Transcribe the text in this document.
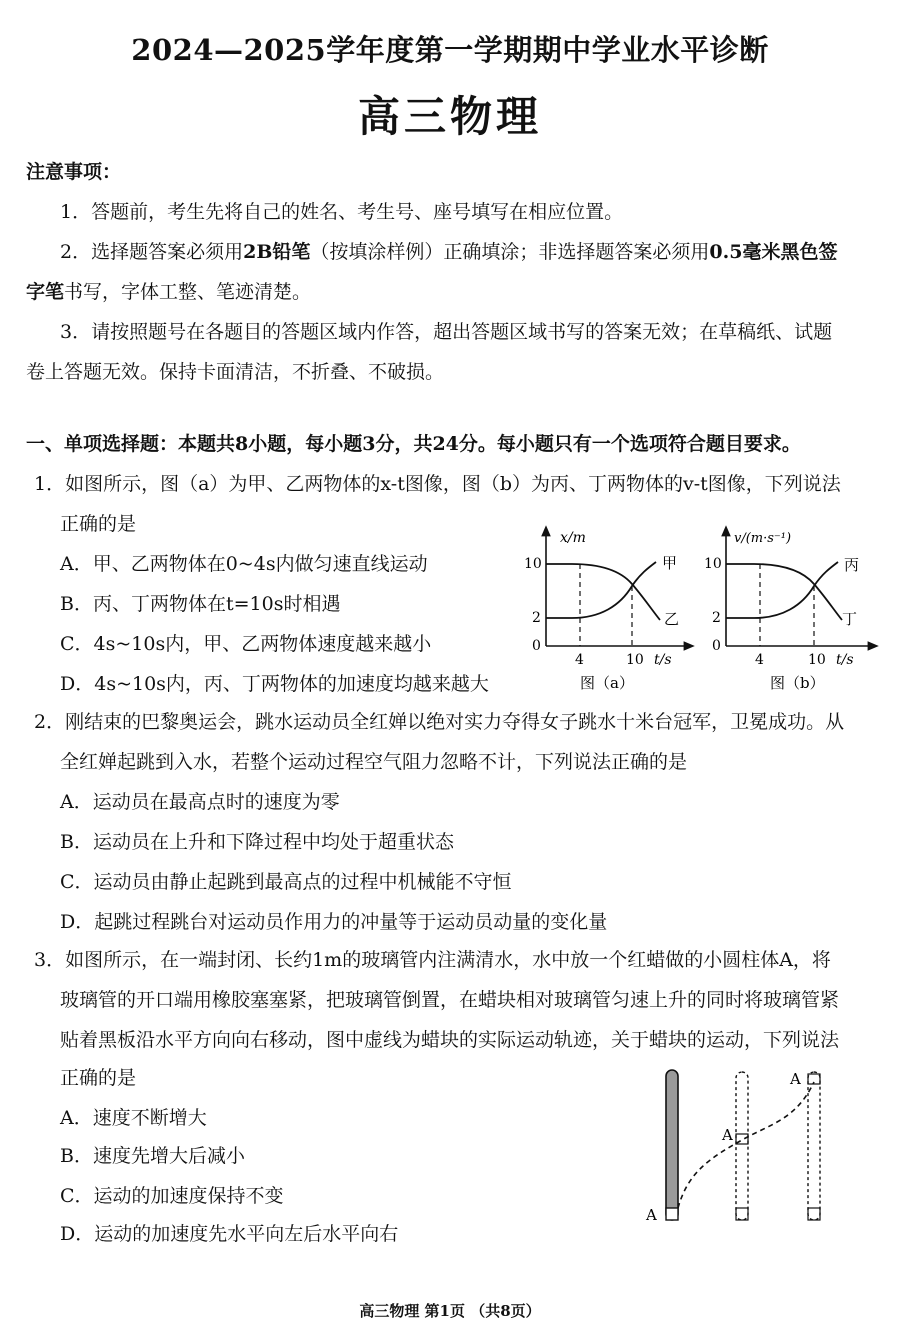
2024—2025学年度第一学期期中学业水平诊断
高三物理
注意事项：
1．答题前，考生先将自己的姓名、考生号、座号填写在相应位置。
2．选择题答案必须用2B铅笔（按填涂样例）正确填涂；非选择题答案必须用0.5毫米黑色签
字笔书写，字体工整、笔迹清楚。
3．请按照题号在各题目的答题区域内作答，超出答题区域书写的答案无效；在草稿纸、试题
卷上答题无效。保持卡面清洁，不折叠、不破损。
一、单项选择题：本题共8小题，每小题3分，共24分。每小题只有一个选项符合题目要求。
1．如图所示，图（a）为甲、乙两物体的x-t图像，图（b）为丙、丁两物体的v-t图像，下列说法
正确的是
A．甲、乙两物体在0~4s内做匀速直线运动
B．丙、丁两物体在t=10s时相遇
C．4s~10s内，甲、乙两物体速度越来越小
D．4s~10s内，丙、丁两物体的加速度均越来越大
x/m
10
2
0
4	10 t/s
甲
乙
图（a）
v/(m·s⁻¹)
10
2
0
4	10 t/s
丙
丁
图（b）
2．刚结束的巴黎奥运会，跳水运动员全红婵以绝对实力夺得女子跳水十米台冠军，卫冕成功。从
全红婵起跳到入水，若整个运动过程空气阻力忽略不计，下列说法正确的是
A．运动员在最高点时的速度为零
B．运动员在上升和下降过程中均处于超重状态
C．运动员由静止起跳到最高点的过程中机械能不守恒
D．起跳过程跳台对运动员作用力的冲量等于运动员动量的变化量
3．如图所示，在一端封闭、长约1m的玻璃管内注满清水，水中放一个红蜡做的小圆柱体A，将
玻璃管的开口端用橡胶塞塞紧，把玻璃管倒置，在蜡块相对玻璃管匀速上升的同时将玻璃管紧
贴着黑板沿水平方向向右移动，图中虚线为蜡块的实际运动轨迹，关于蜡块的运动，下列说法
正确的是
A．速度不断增大
B．速度先增大后减小
C．运动的加速度保持不变
D．运动的加速度先水平向左后水平向右
A
A
A
高三物理 第1页 （共8页）
